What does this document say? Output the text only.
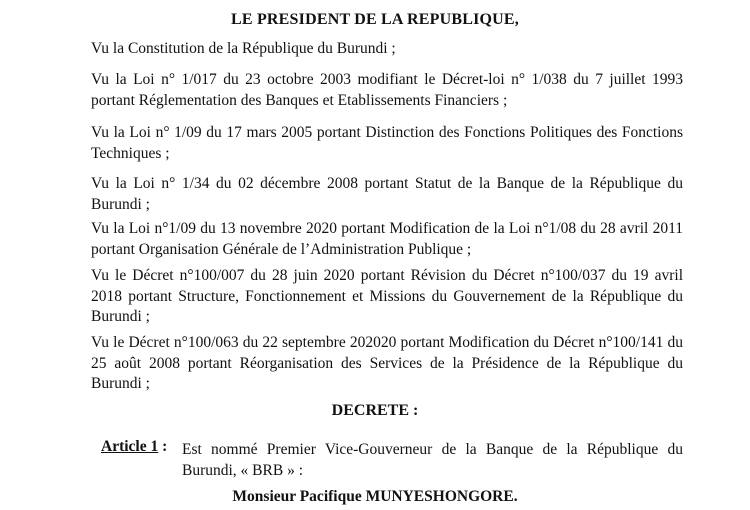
LE PRESIDENT DE LA REPUBLIQUE,

Vu la Constitution de la République du Burundi ;

Vu la Loi n° 1/017 du 23 octobre 2003 modifiant le Décret-loi n° 1/038 du 7 juillet 1993 portant Réglementation des Banques et Etablissements Financiers ;

Vu la Loi n° 1/09 du 17 mars 2005 portant Distinction des Fonctions Politiques des Fonctions Techniques ;

Vu la Loi n° 1/34 du 02 décembre 2008 portant Statut de la Banque de la République du Burundi ;

Vu la Loi n°1/09 du 13 novembre 2020 portant Modification de la Loi n°1/08 du 28 avril 2011 portant Organisation Générale de l’Administration Publique ;

Vu le Décret n°100/007 du 28 juin 2020 portant Révision du Décret n°100/037 du 19 avril 2018 portant Structure, Fonctionnement et Missions du Gouvernement de la République du Burundi ;

Vu le Décret n°100/063 du 22 septembre 202020 portant Modification du Décret n°100/141 du 25 août 2008 portant Réorganisation des Services de la Présidence de la République du Burundi ;

DECRETE :
Article 1 : Est nommé Premier Vice-Gouverneur de la Banque de la République du Burundi, « BRB » :
Monsieur Pacifique MUNYESHONGORE.
